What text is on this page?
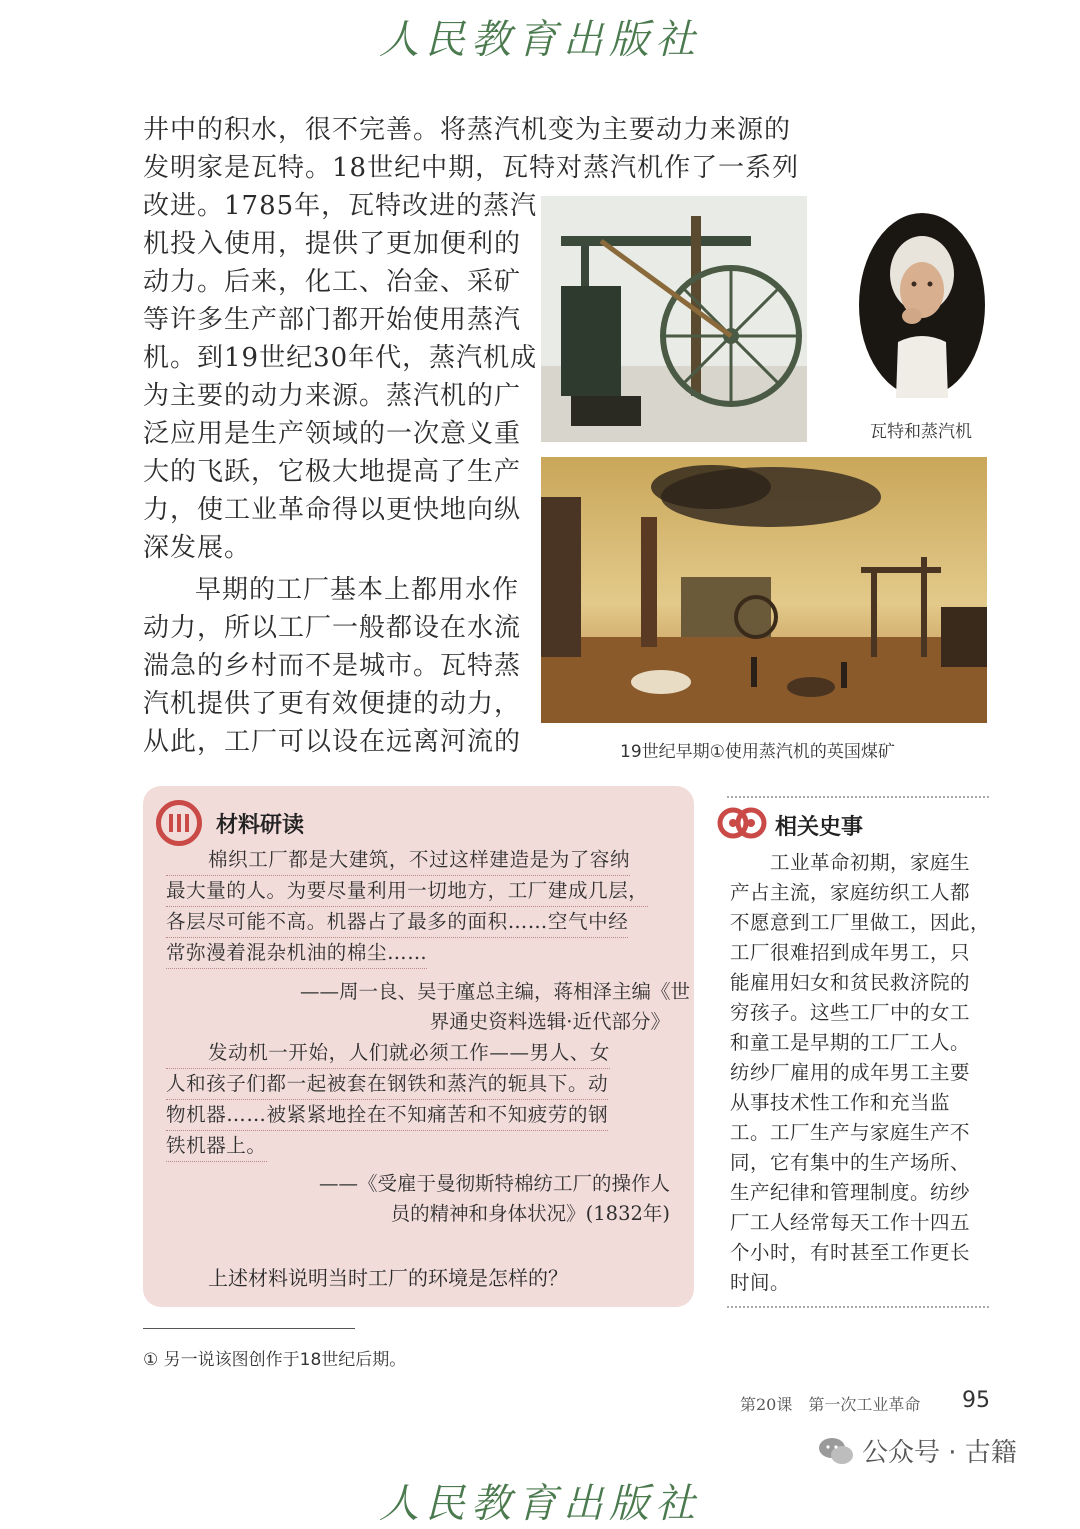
人民教育出版社
井中的积水，很不完善。将蒸汽机变为主要动力来源的
发明家是瓦特。18世纪中期，瓦特对蒸汽机作了一系列
改进。1785年，瓦特改进的蒸汽
机投入使用，提供了更加便利的
动力。后来，化工、冶金、采矿
等许多生产部门都开始使用蒸汽
机。到19世纪30年代，蒸汽机成
为主要的动力来源。蒸汽机的广
泛应用是生产领域的一次意义重
大的飞跃，它极大地提高了生产
力，使工业革命得以更快地向纵
深发展。
早期的工厂基本上都用水作
动力，所以工厂一般都设在水流
湍急的乡村而不是城市。瓦特蒸
汽机提供了更有效便捷的动力，
从此，工厂可以设在远离河流的
瓦特和蒸汽机
19世纪早期①使用蒸汽机的英国煤矿
材料研读
棉织工厂都是大建筑，不过这样建造是为了容纳
最大量的人。为要尽量利用一切地方，工厂建成几层，
各层尽可能不高。机器占了最多的面积……空气中经
常弥漫着混杂机油的棉尘……
——周一良、吴于廑总主编，蒋相泽主编《世
界通史资料选辑·近代部分》
发动机一开始，人们就必须工作——男人、女
人和孩子们都一起被套在钢铁和蒸汽的轭具下。动
物机器……被紧紧地拴在不知痛苦和不知疲劳的钢
铁机器上。
——《受雇于曼彻斯特棉纺工厂的操作人
员的精神和身体状况》(1832年)
上述材料说明当时工厂的环境是怎样的？
相关史事
　　工业革命初期，家庭生
产占主流，家庭纺织工人都
不愿意到工厂里做工，因此，
工厂很难招到成年男工，只
能雇用妇女和贫民救济院的
穷孩子。这些工厂中的女工
和童工是早期的工厂工人。
纺纱厂雇用的成年男工主要
从事技术性工作和充当监
工。工厂生产与家庭生产不
同，它有集中的生产场所、
生产纪律和管理制度。纺纱
厂工人经常每天工作十四五
个小时，有时甚至工作更长
时间。
① 另一说该图创作于18世纪后期。
第20课　第一次工业革命 95
人民教育出版社
公众号 · 古籍
